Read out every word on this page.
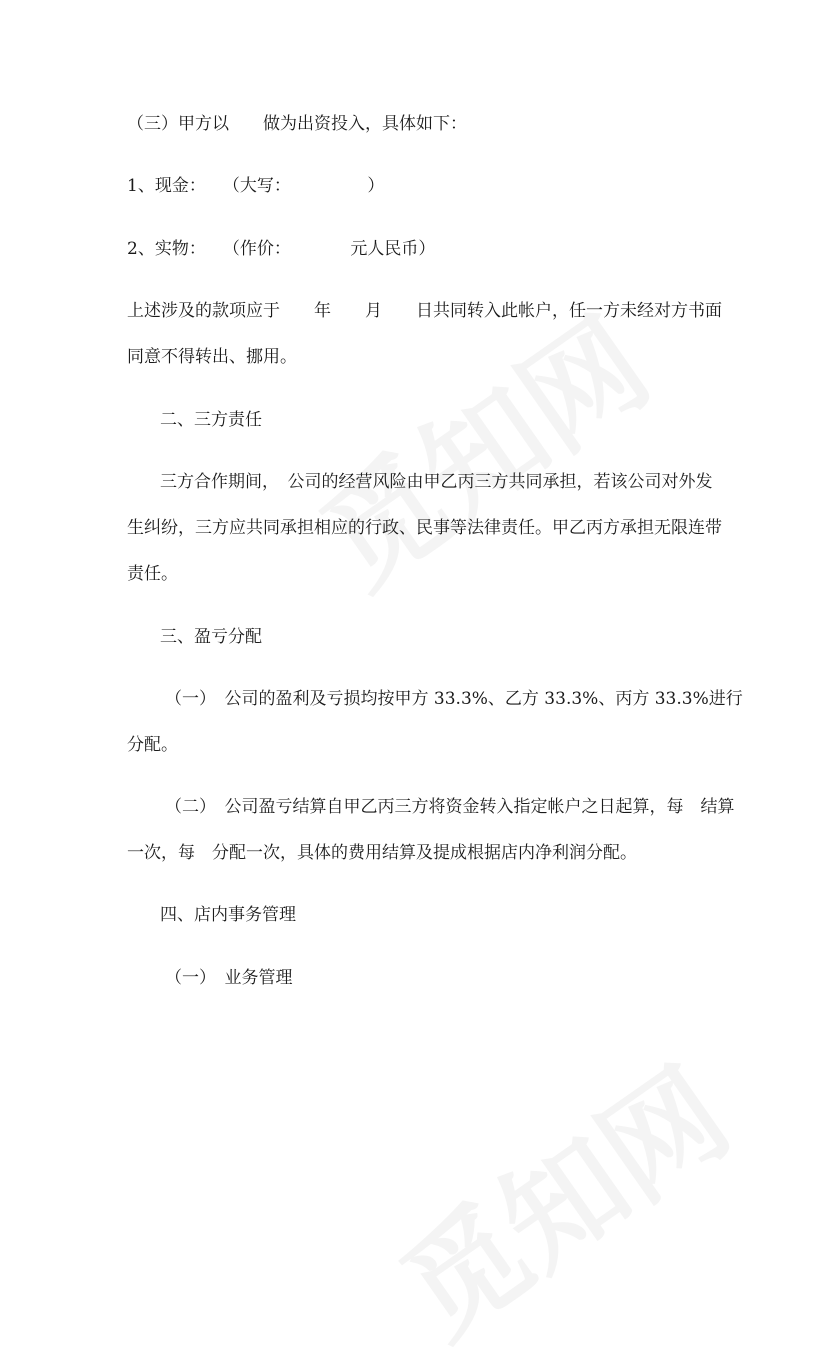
（三）甲方以　　做为出资投入，具体如下：
1、现金：　　（大写：　　　　　）
2、实物：　　（作价：　　　　元人民币）
上述涉及的款项应于　　年　　月　　日共同转入此帐户，任一方未经对方书面
同意不得转出、挪用。
二、三方责任
三方合作期间，　公司的经营风险由甲乙丙三方共同承担，若该公司对外发
生纠纷，三方应共同承担相应的行政、民事等法律责任。甲乙丙方承担无限连带
责任。
三、盈亏分配
（一）　公司的盈利及亏损均按甲方 33.3%、乙方 33.3%、丙方 33.3%进行
分配。
（二）　公司盈亏结算自甲乙丙三方将资金转入指定帐户之日起算，每　结算
一次，每　分配一次，具体的费用结算及提成根据店内净利润分配。
四、店内事务管理
（一）　业务管理
